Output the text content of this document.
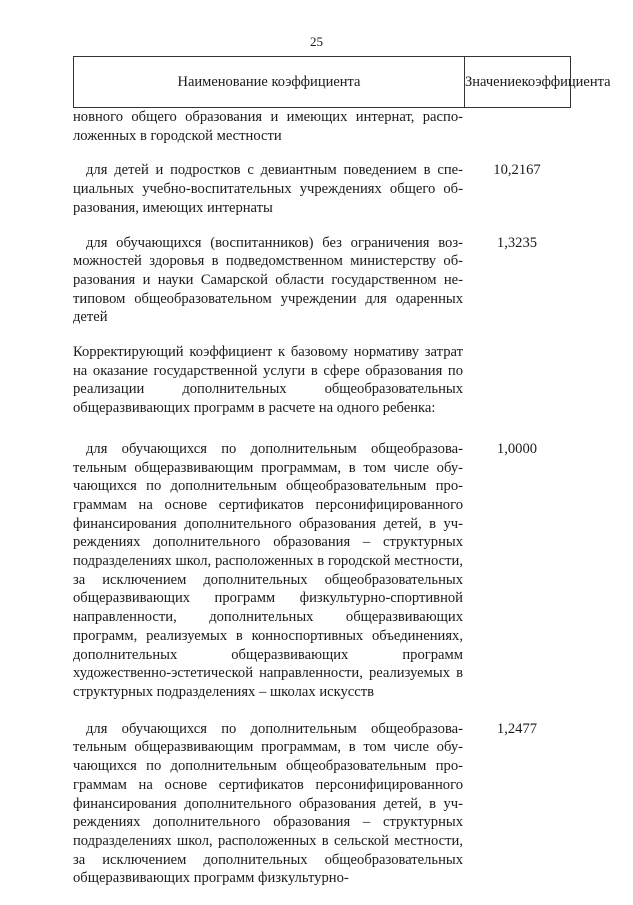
25
Наименование коэффициента	Значение коэффициента
новного общего образования и имеющих интернат, расположенных в городской местности
для детей и подростков с девиантным поведением в специальных учебно-воспитательных учреждениях общего образования, имеющих интернаты
10,2167
для обучающихся (воспитанников) без ограничения возможностей здоровья в подведомственном министерству образования и науки Самарской области государственном нетиповом общеобразовательном учреждении для одаренных детей
1,3235
Корректирующий коэффициент к базовому нормативу затрат на оказание государственной услуги в сфере образования по реализации дополнительных общеобразовательных общеразвивающих программ в расчете на одного ребенка:
для обучающихся по дополнительным общеобразовательным общеразвивающим программам, в том числе обучающихся по дополнительным общеобразовательным программам на основе сертификатов персонифицированного финансирования дополнительного образования детей, в учреждениях дополнительного образования – структурных подразделениях школ, расположенных в городской местности, за исключением дополнительных общеобразовательных общеразвивающих программ физкультурно-спортивной направленности, дополнительных общеразвивающих программ, реализуемых в конноспортивных объединениях, дополнительных общеразвивающих программ художественно-эстетической направленности, реализуемых в структурных подразделениях – школах искусств
1,0000
для обучающихся по дополнительным общеобразовательным общеразвивающим программам, в том числе обучающихся по дополнительным общеобразовательным программам на основе сертификатов персонифицированного финансирования дополнительного образования детей, в учреждениях дополнительного образования – структурных подразделениях школ, расположенных в сельской местности, за исключением дополнительных общеобразовательных общеразвивающих программ физкультурно-
1,2477
